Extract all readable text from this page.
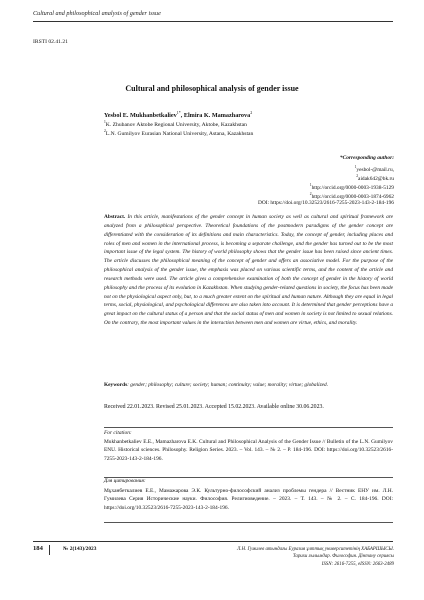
Cultural and philosophical analysis of gender issue
IRSTI 02.41.21
Cultural and philosophical analysis of gender issue
Yesbol E. Mukhanbetkaliev$^{1*}$, Elmira K. Mamazharova$^2$
$^1$K. Zhubanov Aktobe Regional University, Aktobe, Kazakhstan
$^2$L.N. Gumilyov Eurasian National University, Astana, Kazakhstan
*Corresponding author:
$^1$yesbol-@mail.ru,
$^2$aidak642@bk.ru
$^1$http://orcid.org/0000-0003-1938-5129
$^2$http://orcid.org/0000-0003-1874-6962
DOI: https://doi.org/10.32523/2616-7255-2023-143-2-184-196
Abstract. In this article, manifestations of the gender concept in human society as well as cultural and spiritual framework are analyzed from a philosophical perspective. Theoretical foundations of the postmodern paradigms of the gender concept are differentiated with the consideration of its definitions and main characteristics. Today, the concept of gender, including places and roles of men and women in the international process, is becoming a separate challenge, and the gender has turned out to be the most important issue of the legal system. The history of world philosophy shows that the gender issue has been raised since ancient times. The article discusses the philosophical meaning of the concept of gender and offers an associative model. For the purpose of the philosophical analysis of the gender issue, the emphasis was placed on various scientific terms, and the content of the article and research methods were used. The article gives a comprehensive examination of both the concept of gender in the history of world philosophy and the process of its evolution in Kazakhstan. When studying gender-related questions in society, the focus has been made not on the physiological aspect only, but, to a much greater extent on the spiritual and human nature. Although they are equal in legal terms, social, physiological, and psychological differences are also taken into account. It is determined that gender perceptions have a great impact on the cultural status of a person and that the social status of men and women in society is not limited to sexual relations. On the contrary, the most important values in the interaction between men and women are virtue, ethics, and morality.
Keywords: gender; philosophy; culture; society; human; continuity; value; morality; virtue; globalized.
Received 22.01.2023. Revised 25.01.2023. Accepted 15.02.2023. Available online 30.06.2023.
For citation:
Mukhanbetkaliev E.E., Mamazharova E.K. Cultural and Philosophical Analysis of the Gender Issue // Bulletin of the L.N. Gumilyov ENU. Historical sciences. Philosophy. Religion Series. 2023. – Vol. 143. – № 2. – P. 184-196. DOI: https://doi.org/10.32523/2616-7255-2023-143-2-184-196.
Для цитирования:
Мұханбеткалиев Е.Е., Мамажарова Э.К. Культурно-философский анализ проблемы гендера // Вестник ЕНУ им. Л.Н. Гумилева Серия Исторические науки. Философия. Религиоведение. – 2023. – Т. 143. – № 2. – С. 184-196. DOI: https://doi.org/10.32523/2616-7255-2023-143-2-184-196.
184	№ 2(143)/2023	Л.Н. Гумилев атындағы Еуразия ұлттық университетінің ХАБАРШЫСЫ.
Тарихи ғылымдар. Философия. Дінтану сериясы
ISSN: 2616-7255, eISSN: 2663-2489
